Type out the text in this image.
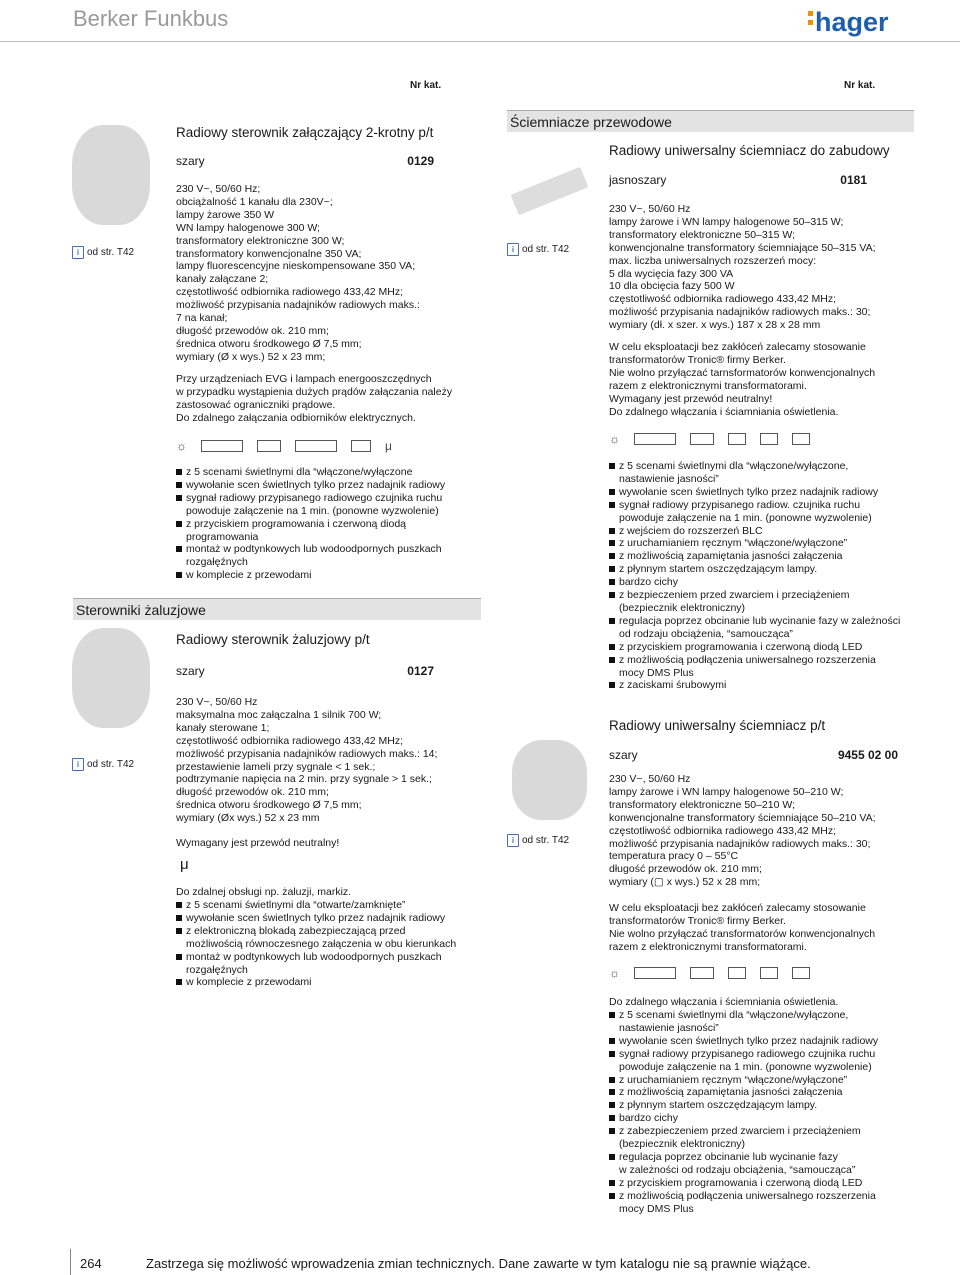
Berker Funkbus	hager
Nr kat.	Nr kat.
i od str. T42
Radiowy sterownik załączający 2-krotny p/t
szary	0129
230 V~, 50/60 Hz;
obciążalność 1 kanału dla 230V~;
lampy żarowe 350 W
WN lampy halogenowe 300 W;
transformatory elektroniczne 300 W;
transformatory konwencjonalne 350 VA;
lampy fluorescencyjne nieskompensowane 350 VA;
kanały załączane 2;
częstotliwość odbiornika radiowego 433,42 MHz;
możliwość przypisania nadajników radiowych maks.:
7 na kanał;
długość przewodów ok. 210 mm;
średnica otworu środkowego Ø 7,5 mm;
wymiary (Ø x wys.) 52 x 23 mm;
Przy urządzeniach EVG i lampach energooszczędnych
w przypadku wystąpienia dużych prądów załączania należy
zastosować ograniczniki prądowe.
Do zdalnego załączania odbiorników elektrycznych.
☼	μ
z 5 scenami świetlnymi dla “włączone/wyłączone
wywołanie scen świetlnych tylko przez nadajnik radiowy
sygnał radiowy przypisanego radiowego czujnika ruchu
powoduje załączenie na 1 min. (ponowne wyzwolenie)
z przyciskiem programowania i czerwoną diodą
programowania
montaż w podtynkowych lub wodoodpornych puszkach
rozgałęźnych
w komplecie z przewodami
Sterowniki żaluzjowe
i od str. T42
Radiowy sterownik żaluzjowy p/t
szary	0127
230 V~, 50/60 Hz
maksymalna moc załączalna 1 silnik 700 W;
kanały sterowane 1;
częstotliwość odbiornika radiowego 433,42 MHz;
możliwość przypisania nadajników radiowych maks.: 14;
przestawienie lameli przy sygnale < 1 sek.;
podtrzymanie napięcia na 2 min. przy sygnale > 1 sek.;
długość przewodów ok. 210 mm;
średnica otworu środkowego Ø 7,5 mm;
wymiary (Øx wys.) 52 x 23 mm
Wymagany jest przewód neutralny!
μ
Do zdalnej obsługi np. żaluzji, markiz.
z 5 scenami świetlnymi dla “otwarte/zamknięte”
wywołanie scen świetlnych tylko przez nadajnik radiowy
z elektroniczną blokadą zabezpieczającą przed
możliwością równoczesnego załączenia w obu kierunkach
montaż w podtynkowych lub wodoodpornych puszkach
rozgałęźnych
w komplecie z przewodami
Ściemniacze przewodowe
i od str. T42
Radiowy uniwersalny ściemniacz do zabudowy
jasnoszary	0181
230 V~, 50/60 Hz
lampy żarowe i WN lampy halogenowe 50–315 W;
transformatory elektroniczne 50–315 W;
konwencjonalne transformatory ściemniające 50–315 VA;
max. liczba uniwersalnych rozszerzeń mocy:
5 dla wycięcia fazy 300 VA
10 dla obcięcia fazy 500 W
częstotliwość odbiornika radiowego 433,42 MHz;
możliwość przypisania nadajników radiowych maks.: 30;
wymiary (dł. x szer. x wys.) 187 x 28 x 28 mm
W celu eksploatacji bez zakłóceń zalecamy stosowanie
transformatorów Tronic® firmy Berker.
Nie wolno przyłączać tarnsformatorów konwencjonalnych
razem z elektronicznymi transformatorami.
Wymagany jest przewód neutralny!
Do zdalnego włączania i ściamniania oświetlenia.
☼
z 5 scenami świetlnymi dla “włączone/wyłączone,
nastawienie jasności”
wywołanie scen świetlnych tylko przez nadajnik radiowy
sygnał radiowy przypisanego radiow. czujnika ruchu
powoduje załączenie na 1 min. (ponowne wyzwolenie)
z wejściem do rozszerzeń BLC
z uruchamianiem ręcznym “włączone/wyłączone”
z możliwością zapamiętania jasności załączenia
z płynnym startem oszczędzającym lampy.
bardzo cichy
z bezpieczeniem przed zwarciem i przeciążeniem
(bezpiecznik elektroniczny)
regulacja poprzez obcinanie lub wycinanie fazy w zależności
od rodzaju obciążenia, “samoucząca”
z przyciskiem programowania i czerwoną diodą LED
z możliwością podłączenia uniwersalnego rozszerzenia
mocy DMS Plus
z zaciskami śrubowymi
i od str. T42
Radiowy uniwersalny ściemniacz p/t
szary	9455 02 00
230 V~, 50/60 Hz
lampy żarowe i WN lampy halogenowe 50–210 W;
transformatory elektroniczne 50–210 W;
konwencjonalne transformatory ściemniające 50–210 VA;
częstotliwość odbiornika radiowego 433,42 MHz;
możliwość przypisania nadajników radiowych maks.: 30;
temperatura pracy 0 – 55°C
długość przewodów ok. 210 mm;
wymiary (▢ x wys.) 52 x 28 mm;
W celu eksploatacji bez zakłóceń zalecamy stosowanie
transformatorów Tronic® firmy Berker.
Nie wolno przyłączać transformatorów konwencjonalnych
razem z elektronicznymi transformatorami.
☼
Do zdalnego włączania i ściemniania oświetlenia.
z 5 scenami świetlnymi dla “włączone/wyłączone,
nastawienie jasności”
wywołanie scen świetlnych tylko przez nadajnik radiowy
sygnał radiowy przypisanego radiowego czujnika ruchu
powoduje załączenie na 1 min. (ponowne wyzwolenie)
z uruchamianiem ręcznym “włączone/wyłączone”
z możliwością zapamiętania jasności załączenia
z płynnym startem oszczędzającym lampy.
bardzo cichy
z zabezpieczeniem przed zwarciem i przeciążeniem
(bezpiecznik elektroniczny)
regulacja poprzez obcinanie lub wycinanie fazy
w zależności od rodzaju obciążenia, “samoucząca”
z przyciskiem programowania i czerwoną diodą LED
z możliwością podłączenia uniwersalnego rozszerzenia
mocy DMS Plus
264	Zastrzega się możliwość wprowadzenia zmian technicznych. Dane zawarte w tym katalogu nie są prawnie wiążące.
